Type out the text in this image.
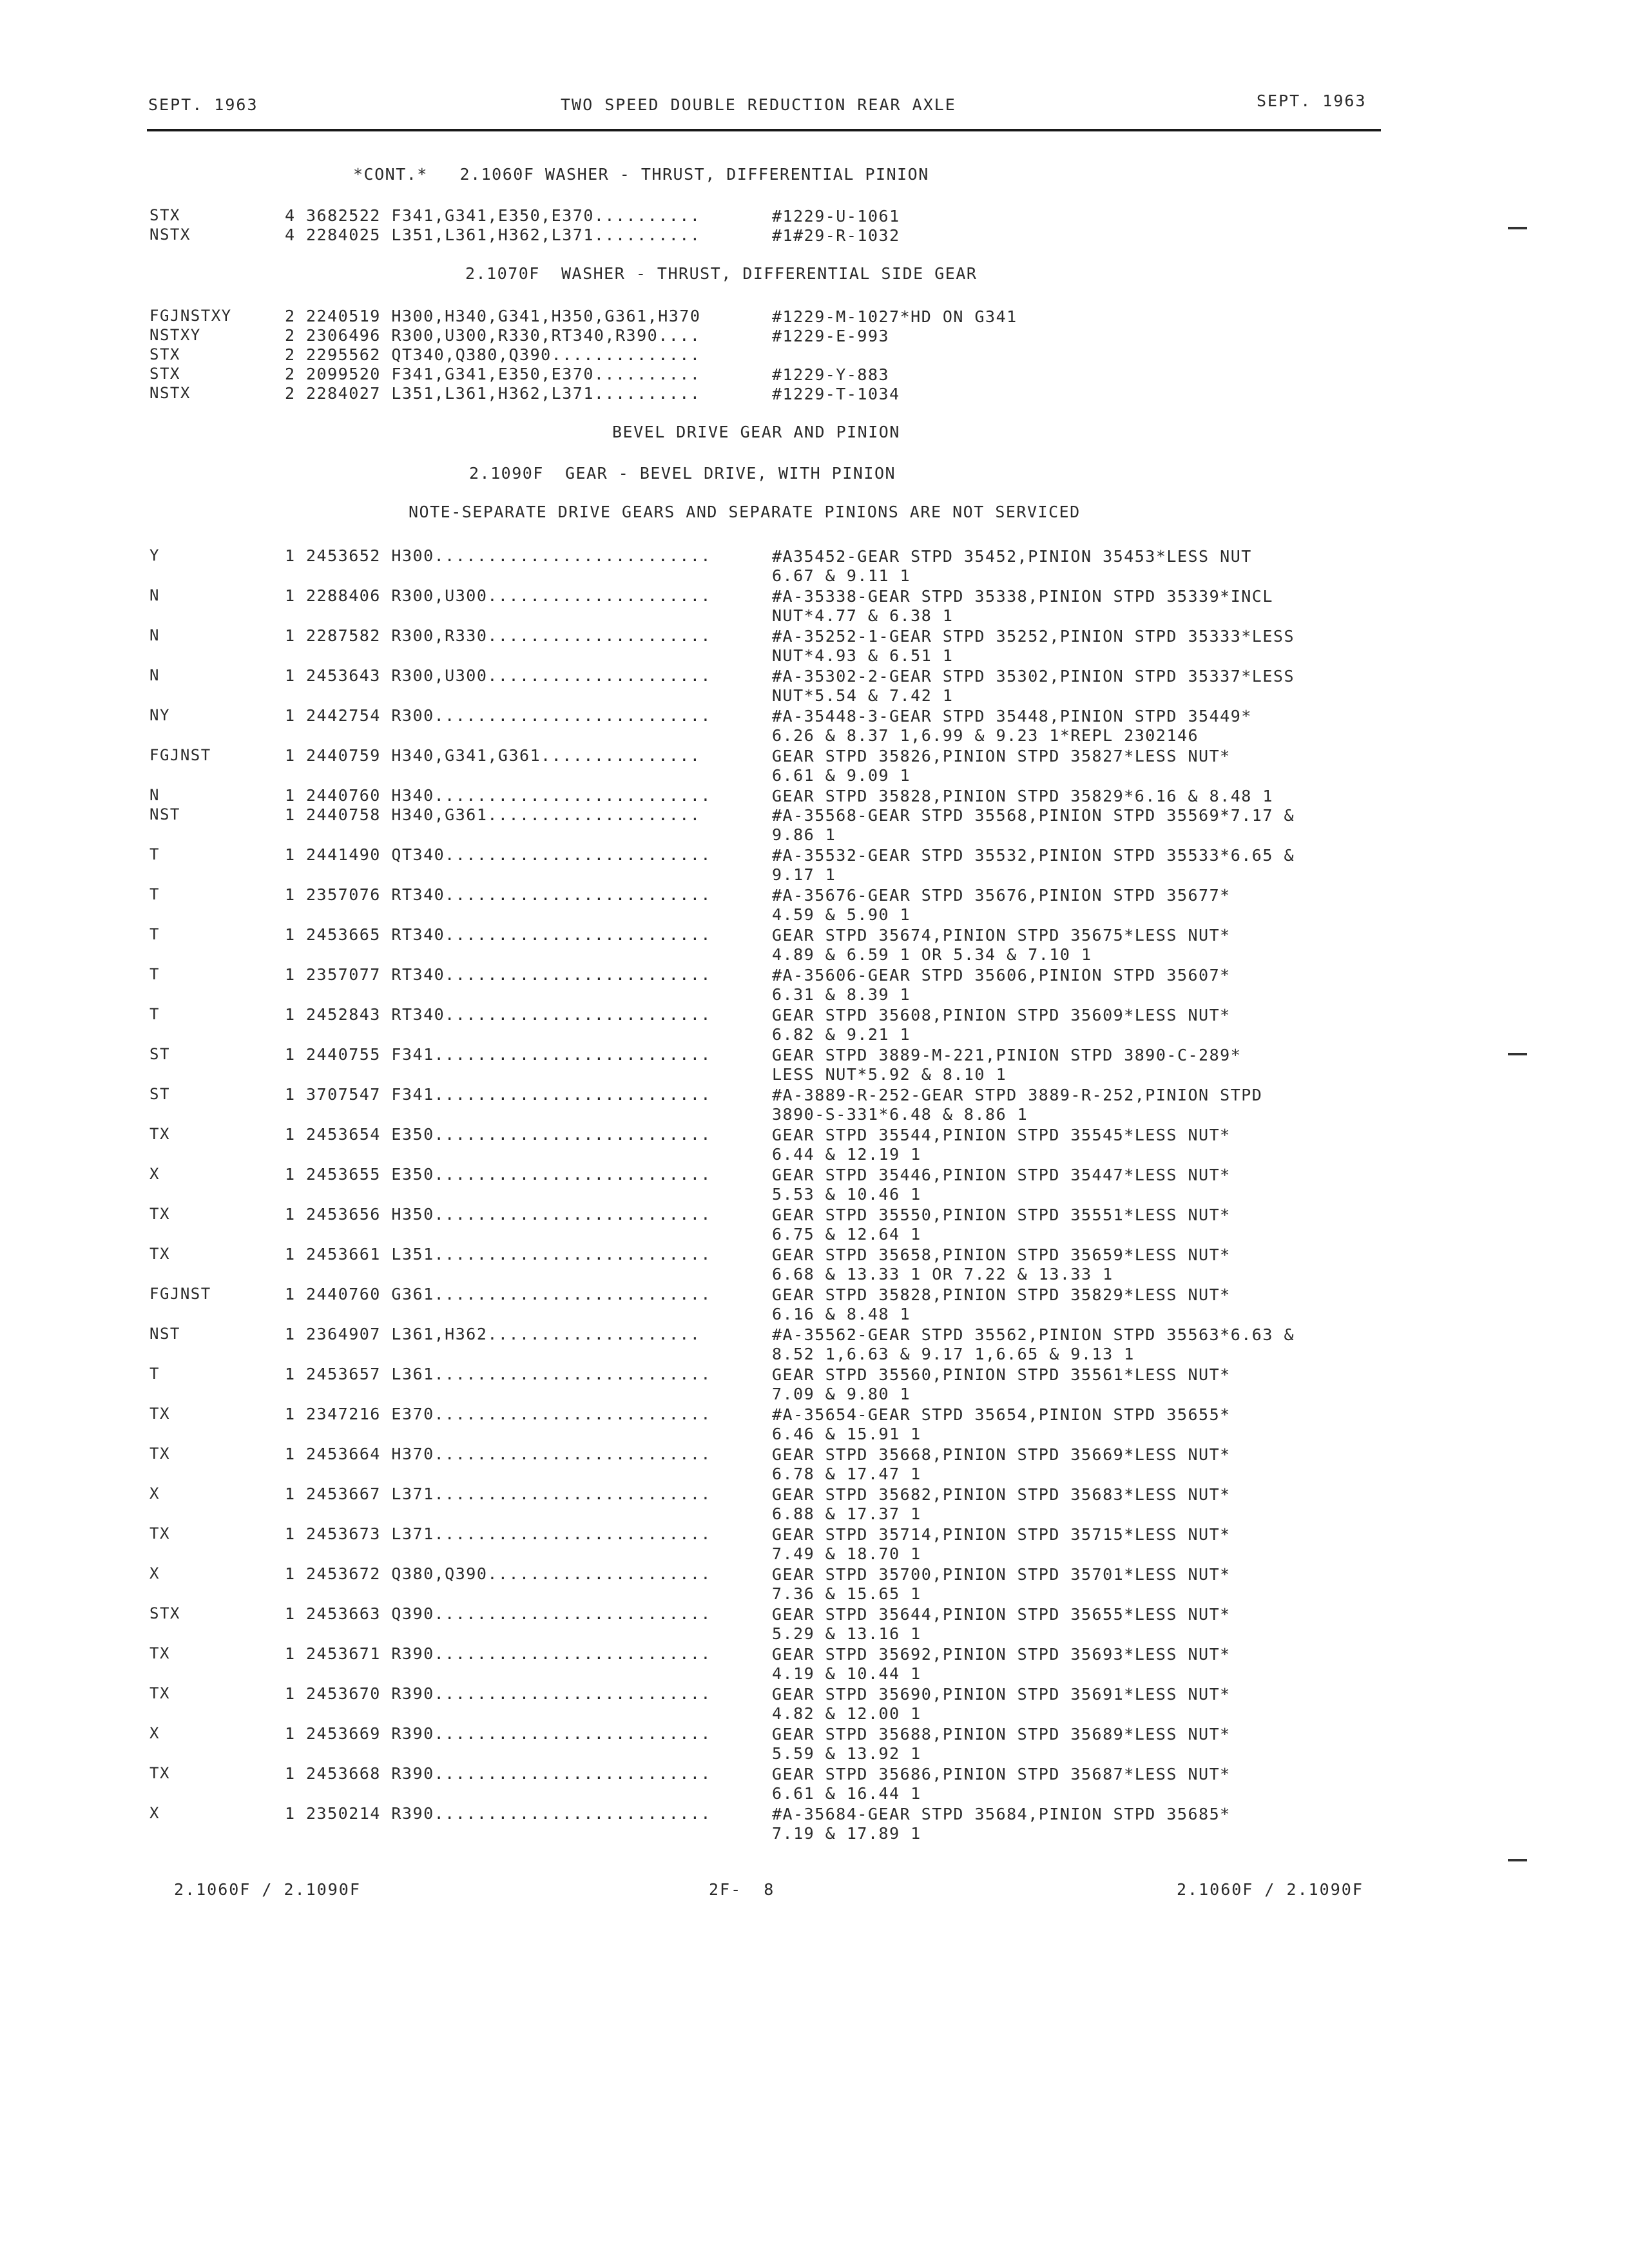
SEPT. 1963	TWO SPEED DOUBLE REDUCTION REAR AXLE	SEPT. 1963
*CONT.*   2.1060F WASHER - THRUST, DIFFERENTIAL PINION
STX	4 3682522 F341,G341,E350,E370..........	#1229-U-1061
NSTX	4 2284025 L351,L361,H362,L371..........	#1#29-R-1032
2.1070F  WASHER - THRUST, DIFFERENTIAL SIDE GEAR
FGJNSTXY	2 2240519 H300,H340,G341,H350,G361,H370	#1229-M-1027*HD ON G341
NSTXY	2 2306496 R300,U300,R330,RT340,R390....	#1229-E-993
STX	2 2295562 QT340,Q380,Q390..............
STX	2 2099520 F341,G341,E350,E370..........	#1229-Y-883
NSTX	2 2284027 L351,L361,H362,L371..........	#1229-T-1034
BEVEL DRIVE GEAR AND PINION
2.1090F  GEAR - BEVEL DRIVE, WITH PINION
NOTE-SEPARATE DRIVE GEARS AND SEPARATE PINIONS ARE NOT SERVICED
Y	1 2453652 H300..........................	#A35452-GEAR STPD 35452,PINION 35453*LESS NUT
6.67 & 9.11 1
N	1 2288406 R300,U300.....................	#A-35338-GEAR STPD 35338,PINION STPD 35339*INCL
NUT*4.77 & 6.38 1
N	1 2287582 R300,R330.....................	#A-35252-1-GEAR STPD 35252,PINION STPD 35333*LESS
NUT*4.93 & 6.51 1
N	1 2453643 R300,U300.....................	#A-35302-2-GEAR STPD 35302,PINION STPD 35337*LESS
NUT*5.54 & 7.42 1
NY	1 2442754 R300..........................	#A-35448-3-GEAR STPD 35448,PINION STPD 35449*
6.26 & 8.37 1,6.99 & 9.23 1*REPL 2302146
FGJNST	1 2440759 H340,G341,G361...............	GEAR STPD 35826,PINION STPD 35827*LESS NUT*
6.61 & 9.09 1
N	1 2440760 H340..........................	GEAR STPD 35828,PINION STPD 35829*6.16 & 8.48 1
NST	1 2440758 H340,G361....................	#A-35568-GEAR STPD 35568,PINION STPD 35569*7.17 &
9.86 1
T	1 2441490 QT340.........................	#A-35532-GEAR STPD 35532,PINION STPD 35533*6.65 &
9.17 1
T	1 2357076 RT340.........................	#A-35676-GEAR STPD 35676,PINION STPD 35677*
4.59 & 5.90 1
T	1 2453665 RT340.........................	GEAR STPD 35674,PINION STPD 35675*LESS NUT*
4.89 & 6.59 1 OR 5.34 & 7.10 1
T	1 2357077 RT340.........................	#A-35606-GEAR STPD 35606,PINION STPD 35607*
6.31 & 8.39 1
T	1 2452843 RT340.........................	GEAR STPD 35608,PINION STPD 35609*LESS NUT*
6.82 & 9.21 1
ST	1 2440755 F341..........................	GEAR STPD 3889-M-221,PINION STPD 3890-C-289*
LESS NUT*5.92 & 8.10 1
ST	1 3707547 F341..........................	#A-3889-R-252-GEAR STPD 3889-R-252,PINION STPD
3890-S-331*6.48 & 8.86 1
TX	1 2453654 E350..........................	GEAR STPD 35544,PINION STPD 35545*LESS NUT*
6.44 & 12.19 1
X	1 2453655 E350..........................	GEAR STPD 35446,PINION STPD 35447*LESS NUT*
5.53 & 10.46 1
TX	1 2453656 H350..........................	GEAR STPD 35550,PINION STPD 35551*LESS NUT*
6.75 & 12.64 1
TX	1 2453661 L351..........................	GEAR STPD 35658,PINION STPD 35659*LESS NUT*
6.68 & 13.33 1 OR 7.22 & 13.33 1
FGJNST	1 2440760 G361..........................	GEAR STPD 35828,PINION STPD 35829*LESS NUT*
6.16 & 8.48 1
NST	1 2364907 L361,H362....................	#A-35562-GEAR STPD 35562,PINION STPD 35563*6.63 &
8.52 1,6.63 & 9.17 1,6.65 & 9.13 1
T	1 2453657 L361..........................	GEAR STPD 35560,PINION STPD 35561*LESS NUT*
7.09 & 9.80 1
TX	1 2347216 E370..........................	#A-35654-GEAR STPD 35654,PINION STPD 35655*
6.46 & 15.91 1
TX	1 2453664 H370..........................	GEAR STPD 35668,PINION STPD 35669*LESS NUT*
6.78 & 17.47 1
X	1 2453667 L371..........................	GEAR STPD 35682,PINION STPD 35683*LESS NUT*
6.88 & 17.37 1
TX	1 2453673 L371..........................	GEAR STPD 35714,PINION STPD 35715*LESS NUT*
7.49 & 18.70 1
X	1 2453672 Q380,Q390.....................	GEAR STPD 35700,PINION STPD 35701*LESS NUT*
7.36 & 15.65 1
STX	1 2453663 Q390..........................	GEAR STPD 35644,PINION STPD 35655*LESS NUT*
5.29 & 13.16 1
TX	1 2453671 R390..........................	GEAR STPD 35692,PINION STPD 35693*LESS NUT*
4.19 & 10.44 1
TX	1 2453670 R390..........................	GEAR STPD 35690,PINION STPD 35691*LESS NUT*
4.82 & 12.00 1
X	1 2453669 R390..........................	GEAR STPD 35688,PINION STPD 35689*LESS NUT*
5.59 & 13.92 1
TX	1 2453668 R390..........................	GEAR STPD 35686,PINION STPD 35687*LESS NUT*
6.61 & 16.44 1
X	1 2350214 R390..........................	#A-35684-GEAR STPD 35684,PINION STPD 35685*
7.19 & 17.89 1
2.1060F / 2.1090F	2F-  8	2.1060F / 2.1090F
